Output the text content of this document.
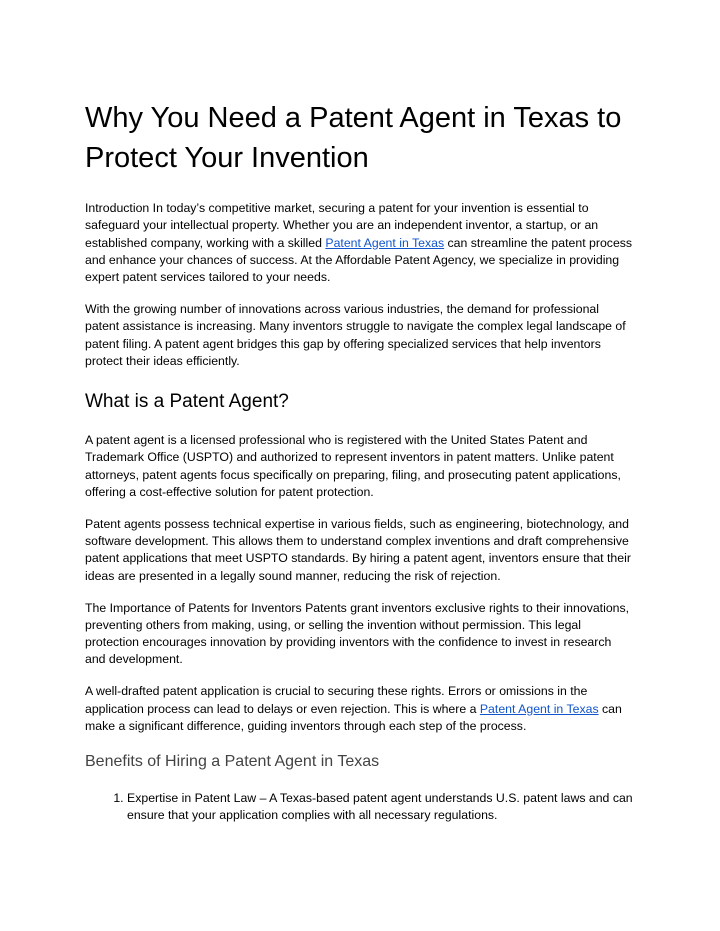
Why You Need a Patent Agent in Texas to Protect Your Invention

Introduction In today’s competitive market, securing a patent for your invention is essential to safeguard your intellectual property. Whether you are an independent inventor, a startup, or an established company, working with a skilled Patent Agent in Texas can streamline the patent process and enhance your chances of success. At the Affordable Patent Agency, we specialize in providing expert patent services tailored to your needs.

With the growing number of innovations across various industries, the demand for professional patent assistance is increasing. Many inventors struggle to navigate the complex legal landscape of patent filing. A patent agent bridges this gap by offering specialized services that help inventors protect their ideas efficiently.

What is a Patent Agent?

A patent agent is a licensed professional who is registered with the United States Patent and Trademark Office (USPTO) and authorized to represent inventors in patent matters. Unlike patent attorneys, patent agents focus specifically on preparing, filing, and prosecuting patent applications, offering a cost-effective solution for patent protection.

Patent agents possess technical expertise in various fields, such as engineering, biotechnology, and software development. This allows them to understand complex inventions and draft comprehensive patent applications that meet USPTO standards. By hiring a patent agent, inventors ensure that their ideas are presented in a legally sound manner, reducing the risk of rejection.

The Importance of Patents for Inventors Patents grant inventors exclusive rights to their innovations, preventing others from making, using, or selling the invention without permission. This legal protection encourages innovation by providing inventors with the confidence to invest in research and development.

A well-drafted patent application is crucial to securing these rights. Errors or omissions in the application process can lead to delays or even rejection. This is where a Patent Agent in Texas can make a significant difference, guiding inventors through each step of the process.

Benefits of Hiring a Patent Agent in Texas
1. Expertise in Patent Law – A Texas-based patent agent understands U.S. patent laws and can ensure that your application complies with all necessary regulations.
